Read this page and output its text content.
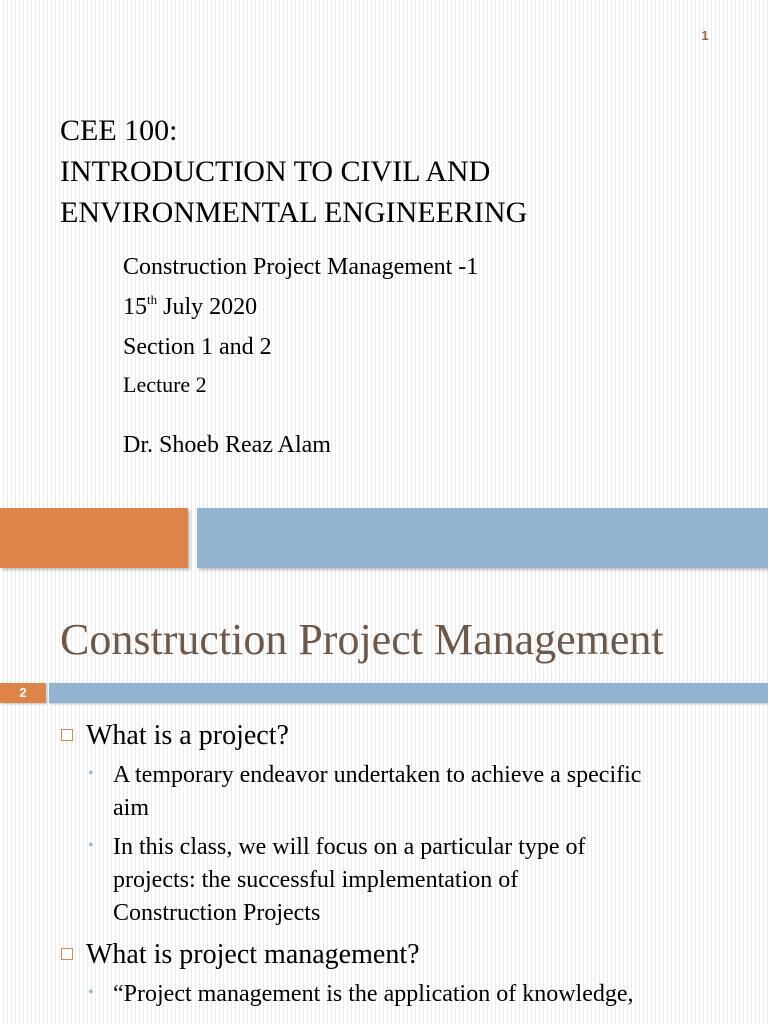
1
CEE 100:
INTRODUCTION TO CIVIL AND
ENVIRONMENTAL ENGINEERING
Construction Project Management -1
15th July 2020
Section 1 and 2
Lecture 2
Dr. Shoeb Reaz Alam
Construction Project Management
2
What is a project?
• A temporary endeavor undertaken to achieve a specific
aim
• In this class, we will focus on a particular type of
projects: the successful implementation of
Construction Projects
What is project management?
• “Project management is the application of knowledge,
